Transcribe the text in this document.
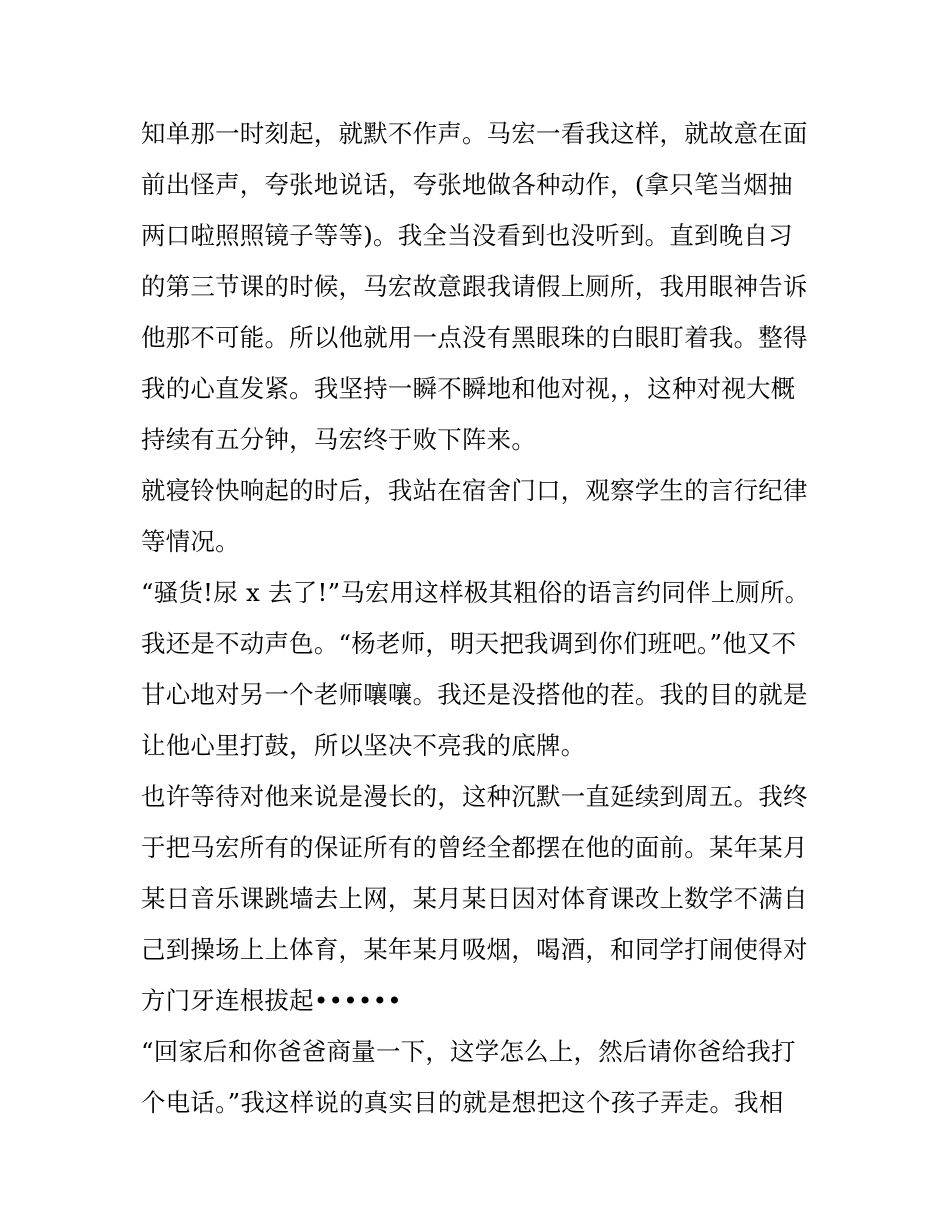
知单那一时刻起，就默不作声。马宏一看我这样，就故意在面
前出怪声，夸张地说话，夸张地做各种动作，(拿只笔当烟抽
两口啦照照镜子等等)。我全当没看到也没听到。直到晚自习
的第三节课的时候，马宏故意跟我请假上厕所，我用眼神告诉
他那不可能。所以他就用一点没有黑眼珠的白眼盯着我。整得
我的心直发紧。我坚持一瞬不瞬地和他对视，，这种对视大概
持续有五分钟，马宏终于败下阵来。
就寝铃快响起的时后，我站在宿舍门口，观察学生的言行纪律
等情况。
“骚货!尿 x 去了!”马宏用这样极其粗俗的语言约同伴上厕所。
我还是不动声色。“杨老师，明天把我调到你们班吧。”他又不
甘心地对另一个老师嚷嚷。我还是没搭他的茬。我的目的就是
让他心里打鼓，所以坚决不亮我的底牌。
也许等待对他来说是漫长的，这种沉默一直延续到周五。我终
于把马宏所有的保证所有的曾经全都摆在他的面前。某年某月
某日音乐课跳墙去上网，某月某日因对体育课改上数学不满自
己到操场上上体育，某年某月吸烟，喝酒，和同学打闹使得对
方门牙连根拔起••••••
“回家后和你爸爸商量一下，这学怎么上，然后请你爸给我打
个电话。”我这样说的真实目的就是想把这个孩子弄走。我相
